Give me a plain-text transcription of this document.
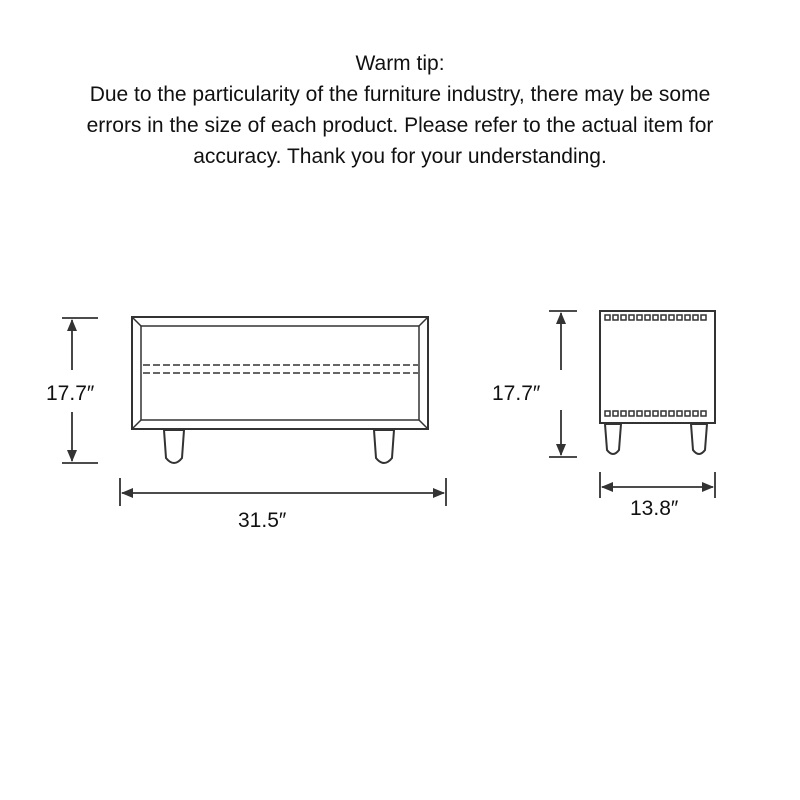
Warm tip:
Due to the particularity of the furniture industry, there may be some
errors in the size of each product. Please refer to the actual item for
accuracy. Thank you for your understanding.
17.7″
31.5″
17.7″
13.8″
